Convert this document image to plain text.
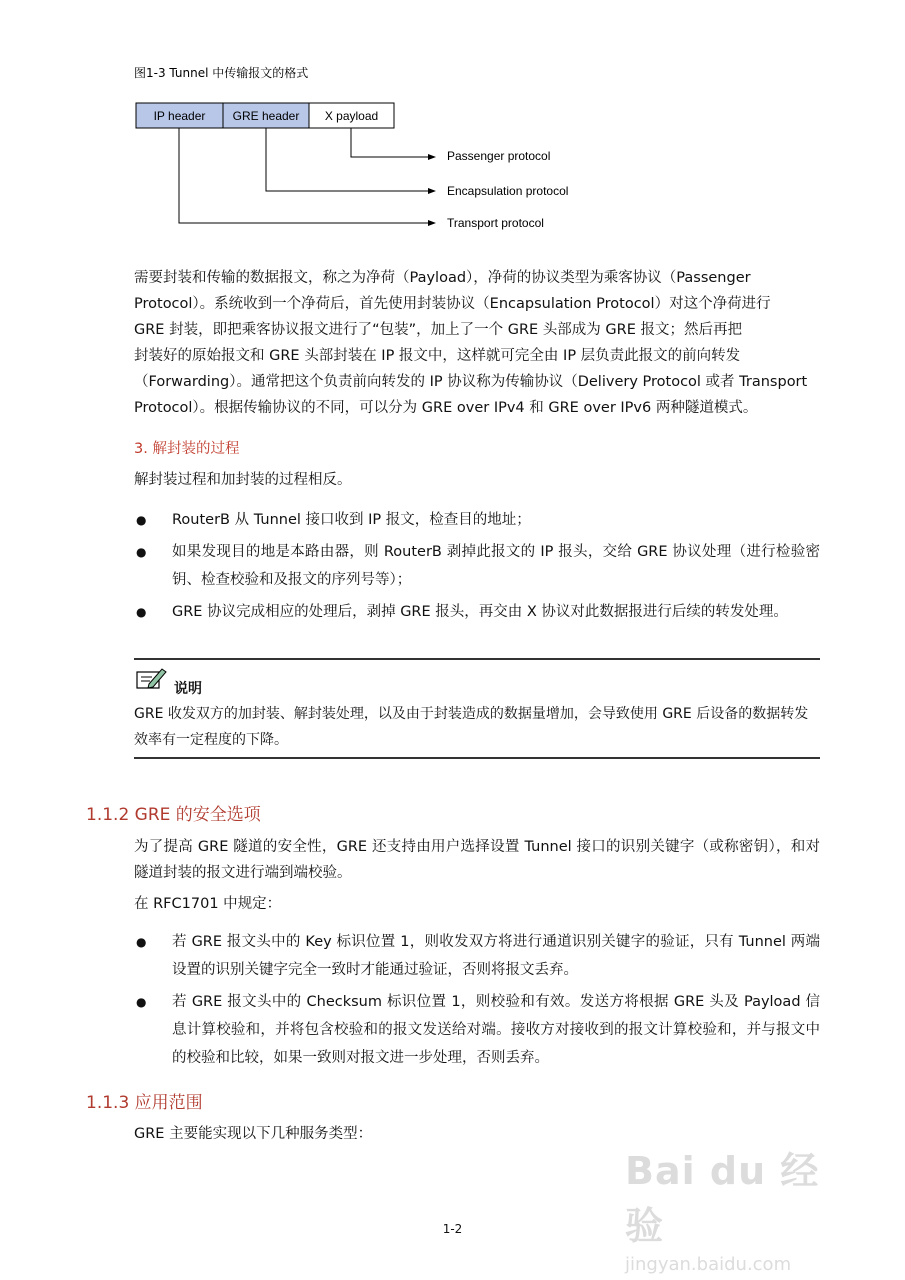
图1-3 Tunnel 中传输报文的格式
IP header GRE header X payload
Passenger protocol
Encapsulation protocol
Transport protocol
需要封装和传输的数据报文，称之为净荷（Payload），净荷的协议类型为乘客协议（Passenger
Protocol）。系统收到一个净荷后，首先使用封装协议（Encapsulation Protocol）对这个净荷进行
GRE 封装，即把乘客协议报文进行了“包装”，加上了一个 GRE 头部成为 GRE 报文；然后再把
封装好的原始报文和 GRE 头部封装在 IP 报文中，这样就可完全由 IP 层负责此报文的前向转发
（Forwarding）。通常把这个负责前向转发的 IP 协议称为传输协议（Delivery Protocol 或者 Transport
Protocol）。根据传输协议的不同，可以分为 GRE over IPv4 和 GRE over IPv6 两种隧道模式。
3. 解封装的过程
解封装过程和加封装的过程相反。
● RouterB 从 Tunnel 接口收到 IP 报文，检查目的地址；
● 如果发现目的地是本路由器，则 RouterB 剥掉此报文的 IP 报头，交给 GRE 协议处理（进行检验密钥、检查校验和及报文的序列号等）；
● GRE 协议完成相应的处理后，剥掉 GRE 报头，再交由 X 协议对此数据报进行后续的转发处理。
说明
GRE 收发双方的加封装、解封装处理，以及由于封装造成的数据量增加，会导致使用 GRE 后设备的数据转发效率有一定程度的下降。
1.1.2 GRE 的安全选项
为了提高 GRE 隧道的安全性，GRE 还支持由用户选择设置 Tunnel 接口的识别关键字（或称密钥），和对隧道封装的报文进行端到端校验。
在 RFC1701 中规定：
● 若 GRE 报文头中的 Key 标识位置 1，则收发双方将进行通道识别关键字的验证，只有 Tunnel 两端设置的识别关键字完全一致时才能通过验证，否则将报文丢弃。
● 若 GRE 报文头中的 Checksum 标识位置 1，则校验和有效。发送方将根据 GRE 头及 Payload 信息计算校验和，并将包含校验和的报文发送给对端。接收方对接收到的报文计算校验和，并与报文中的校验和比较，如果一致则对报文进一步处理，否则丢弃。
1.1.3 应用范围
GRE 主要能实现以下几种服务类型：
1-2
Bai du 经验
jingyan.baidu.com
